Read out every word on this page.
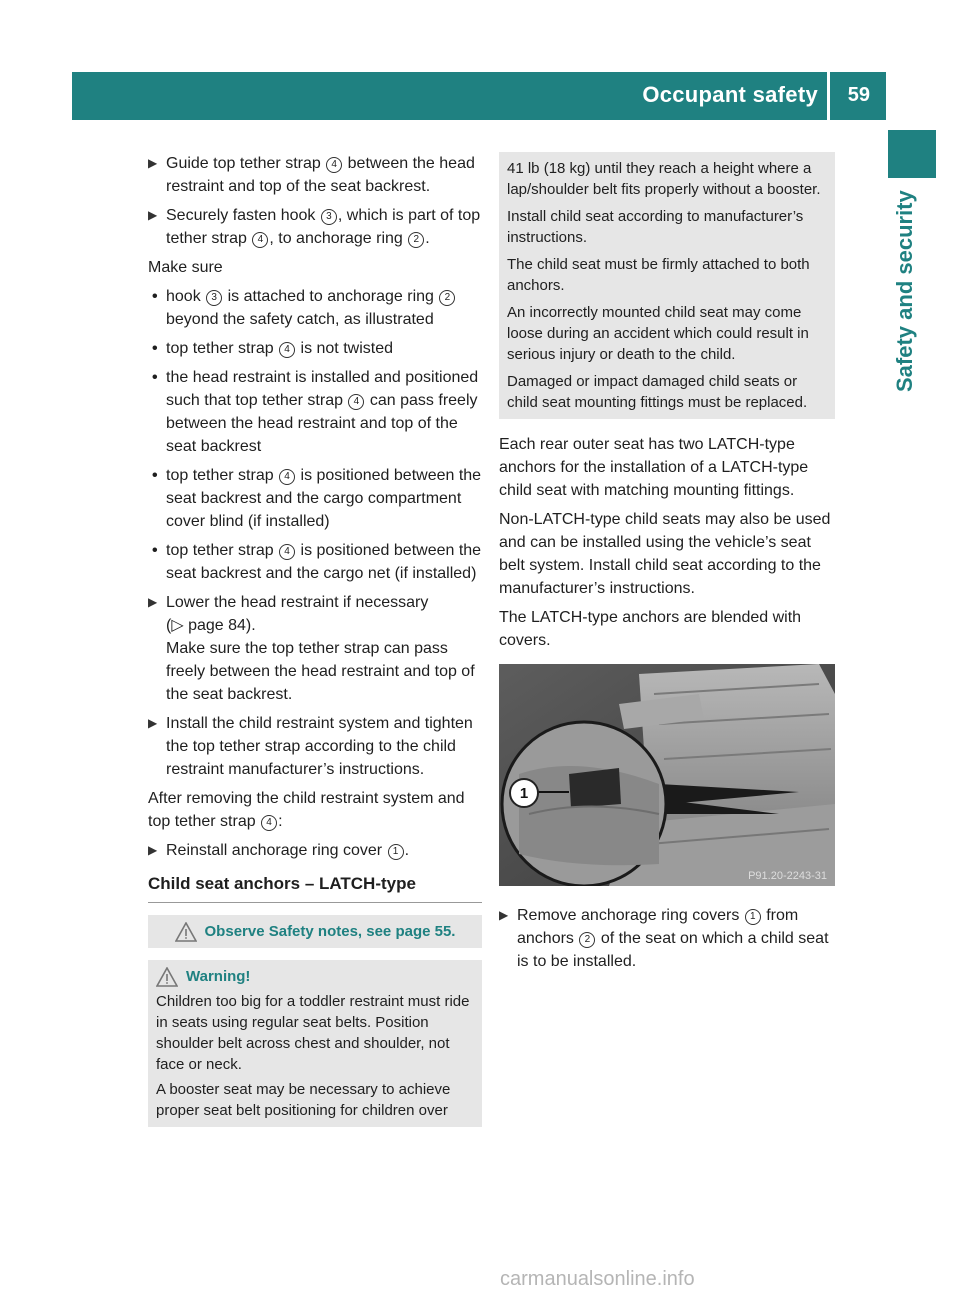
Occupant safety 59
Safety and security

▶ Guide top tether strap 4 between the head restraint and top of the seat backrest.

▶ Securely fasten hook 3 , which is part of top tether strap 4 , to anchorage ring 2 .

Make sure

• hook 3 is attached to anchorage ring 2 beyond the safety catch, as illustrated

• top tether strap 4 is not twisted

• the head restraint is installed and positioned such that top tether strap 4 can pass freely between the head restraint and top of the seat backrest

• top tether strap 4 is positioned between the seat backrest and the cargo compartment cover blind (if installed)

• top tether strap 4 is positioned between the seat backrest and the cargo net (if installed)

▶ Lower the head restraint if necessary
(▷ page 84).
Make sure the top tether strap can pass freely between the head restraint and top of the seat backrest.

▶ Install the child restraint system and tighten the top tether strap according to the child restraint manufacturer’s instructions.

After removing the child restraint system and top tether strap 4 :

▶ Reinstall anchorage ring cover 1 .

Child seat anchors – LATCH-type
Observe Safety notes, see page 55.
Warning!

Children too big for a toddler restraint must ride in seats using regular seat belts. Position shoulder belt across chest and shoulder, not face or neck.

A booster seat may be necessary to achieve proper seat belt positioning for children over

41 lb (18 kg) until they reach a height where a lap/shoulder belt fits properly without a booster.

Install child seat according to manufacturer’s instructions.

The child seat must be firmly attached to both anchors.

An incorrectly mounted child seat may come loose during an accident which could result in serious injury or death to the child.

Damaged or impact damaged child seats or child seat mounting fittings must be replaced.

Each rear outer seat has two LATCH-type anchors for the installation of a LATCH-type child seat with matching mounting fittings.

Non-LATCH-type child seats may also be used and can be installed using the vehicle’s seat belt system. Install child seat according to the manufacturer’s instructions.

The LATCH-type anchors are blended with covers.

1
P91.20-2243-31

▶ Remove anchorage ring covers 1 from anchors 2 of the seat on which a child seat is to be installed.

carmanualsonline.info
